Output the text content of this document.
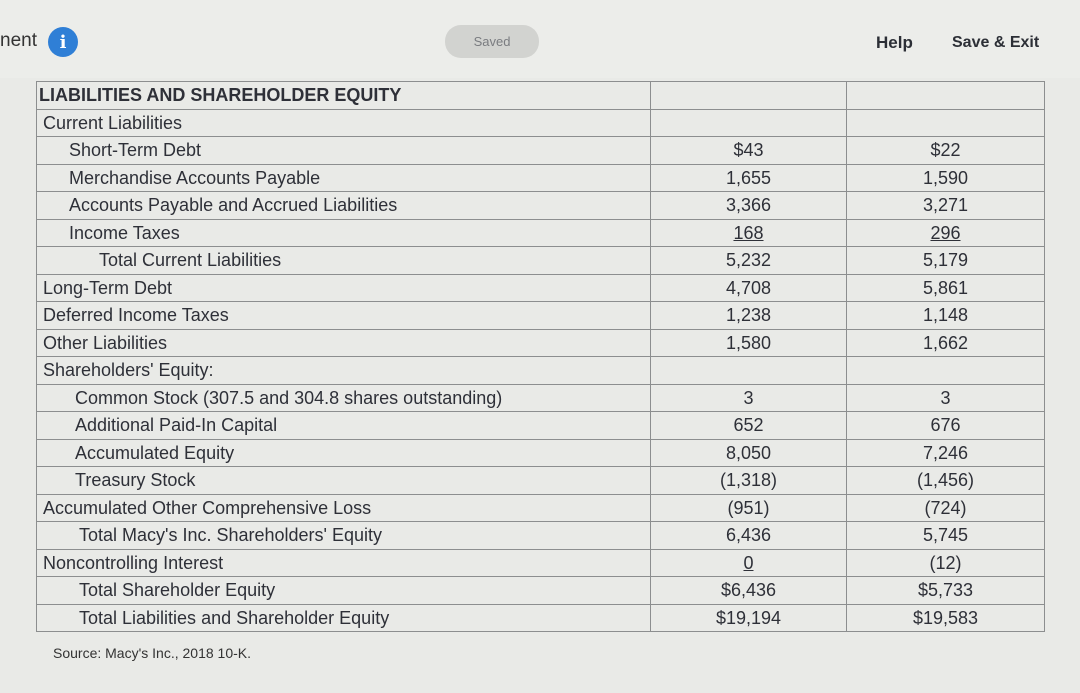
nent	i	Saved	Help Save & Exit
LIABILITIES AND SHAREHOLDER EQUITY		
Current Liabilities		
Short-Term Debt	$43	$22
Merchandise Accounts Payable	1,655	1,590
Accounts Payable and Accrued Liabilities	3,366	3,271
Income Taxes	168	296
Total Current Liabilities	5,232	5,179
Long-Term Debt	4,708	5,861
Deferred Income Taxes	1,238	1,148
Other Liabilities	1,580	1,662
Shareholders' Equity:		
Common Stock (307.5 and 304.8 shares outstanding)	3	3
Additional Paid-In Capital	652	676
Accumulated Equity	8,050	7,246
Treasury Stock	(1,318)	(1,456)
Accumulated Other Comprehensive Loss	(951)	(724)
Total Macy's Inc. Shareholders' Equity	6,436	5,745
Noncontrolling Interest	0	(12)
Total Shareholder Equity	$6,436	$5,733
Total Liabilities and Shareholder Equity	$19,194	$19,583
Source: Macy's Inc., 2018 10-K.
